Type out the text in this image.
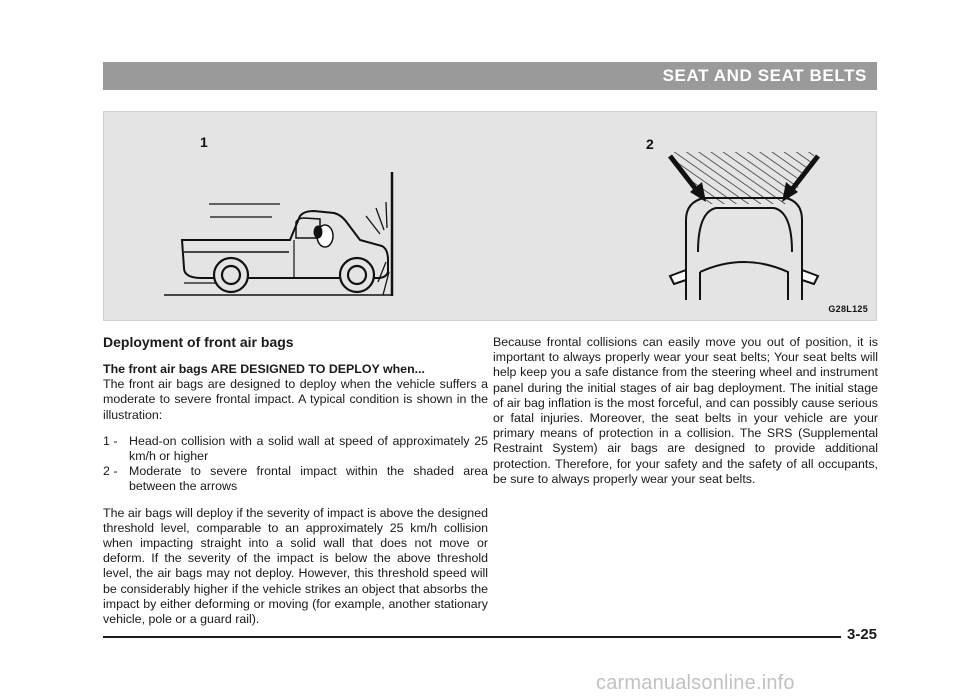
SEAT AND SEAT BELTS
1	2
G28L125
Deployment of front air bags
The front air bags ARE DESIGNED TO DEPLOY when...
The front air bags are designed to deploy when the vehicle suffers a moderate to severe frontal impact. A typical condition is shown in the illustration:
1 - Head-on collision with a solid wall at speed of approximately 25 km/h or higher
2 - Moderate to severe frontal impact within the shaded area between the arrows
The air bags will deploy if the severity of impact is above the designed threshold level, comparable to an approximately 25 km/h collision when impacting straight into a solid wall that does not move or deform. If the severity of the impact is below the above threshold level, the air bags may not deploy. However, this threshold speed will be considerably higher if the vehicle strikes an object that absorbs the impact by either deforming or moving (for example, another stationary vehicle, pole or a guard rail).
Because frontal collisions can easily move you out of position, it is important to always properly wear your seat belts; Your seat belts will help keep you a safe distance from the steering wheel and instrument panel during the initial stages of air bag deployment. The initial stage of air bag inflation is the most forceful, and can possibly cause serious or fatal injuries. Moreover, the seat belts in your vehicle are your primary means of protection in a collision. The SRS (Supplemental Restraint System) air bags are designed to provide additional protection. Therefore, for your safety and the safety of all occupants, be sure to always properly wear your seat belts.
3-25
carmanualsonline.info
